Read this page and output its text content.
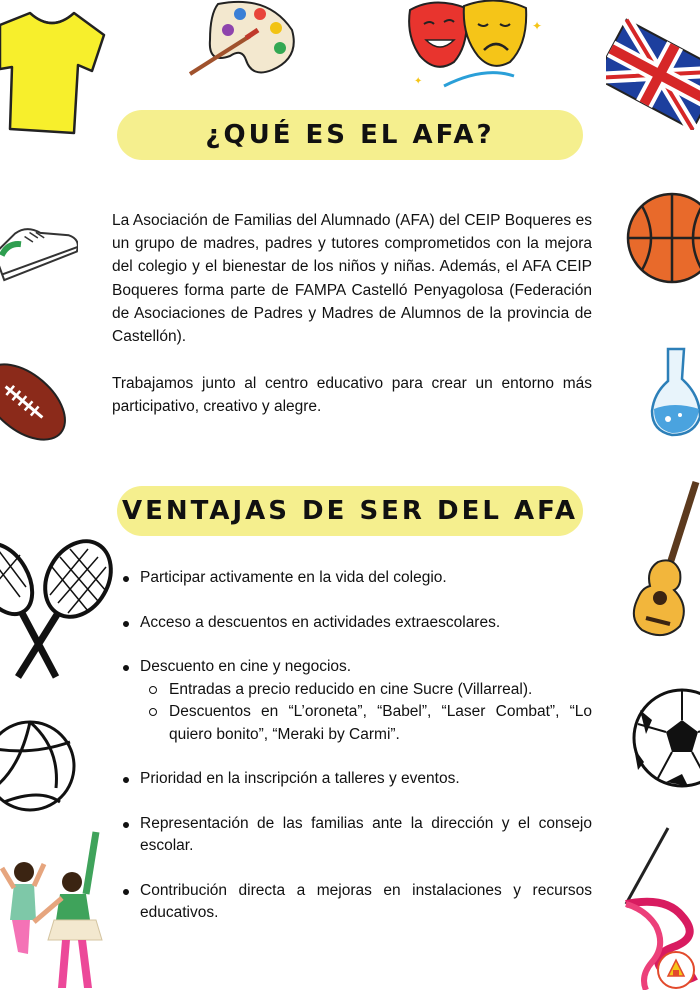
✦
✦
¿QUÉ ES EL AFA?

La Asociación de Familias del Alumnado (AFA) del CEIP Boqueres es un grupo de madres, padres y tutores comprometidos con la mejora del colegio y el bienestar de los niños y niñas. Además, el AFA CEIP Boqueres forma parte de FAMPA Castelló Penyagolosa (Federación de Asociaciones de Padres y Madres de Alumnos de la provincia de Castellón).

Trabajamos junto al centro educativo para crear un entorno más participativo, creativo y alegre.

VENTAJAS DE SER DEL AFA
Participar activamente en la vida del colegio.
Acceso a descuentos en actividades extraescolares.
Descuento en cine y negocios.
Entradas a precio reducido en cine Sucre (Villarreal).
Descuentos en “L’oroneta”, “Babel”, “Laser Combat”, “Lo quiero bonito”, “Meraki by Carmi”.
Prioridad en la inscripción a talleres y eventos.
Representación de las familias ante la dirección y el consejo escolar.
Contribución directa a mejoras en instalaciones y recursos educativos.
